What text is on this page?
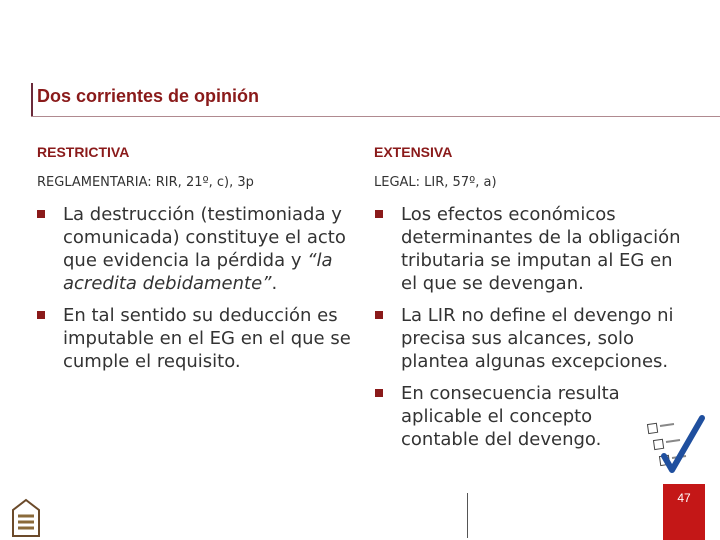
Dos corrientes de opinión
RESTRICTIVA
REGLAMENTARIA: RIR, 21º, c), 3p
La destrucción (testimoniada y comunicada) constituye el acto que evidencia la pérdida y “la acredita debidamente”.
En tal sentido su deducción es imputable en el EG en el que se cumple el requisito.
EXTENSIVA
LEGAL: LIR, 57º, a)
Los efectos económicos determinantes de la obligación tributaria se imputan al EG en el que se devengan.
La LIR no define el devengo ni precisa sus alcances, solo plantea algunas excepciones.
En consecuencia resulta aplicable el concepto contable del devengo.
47
